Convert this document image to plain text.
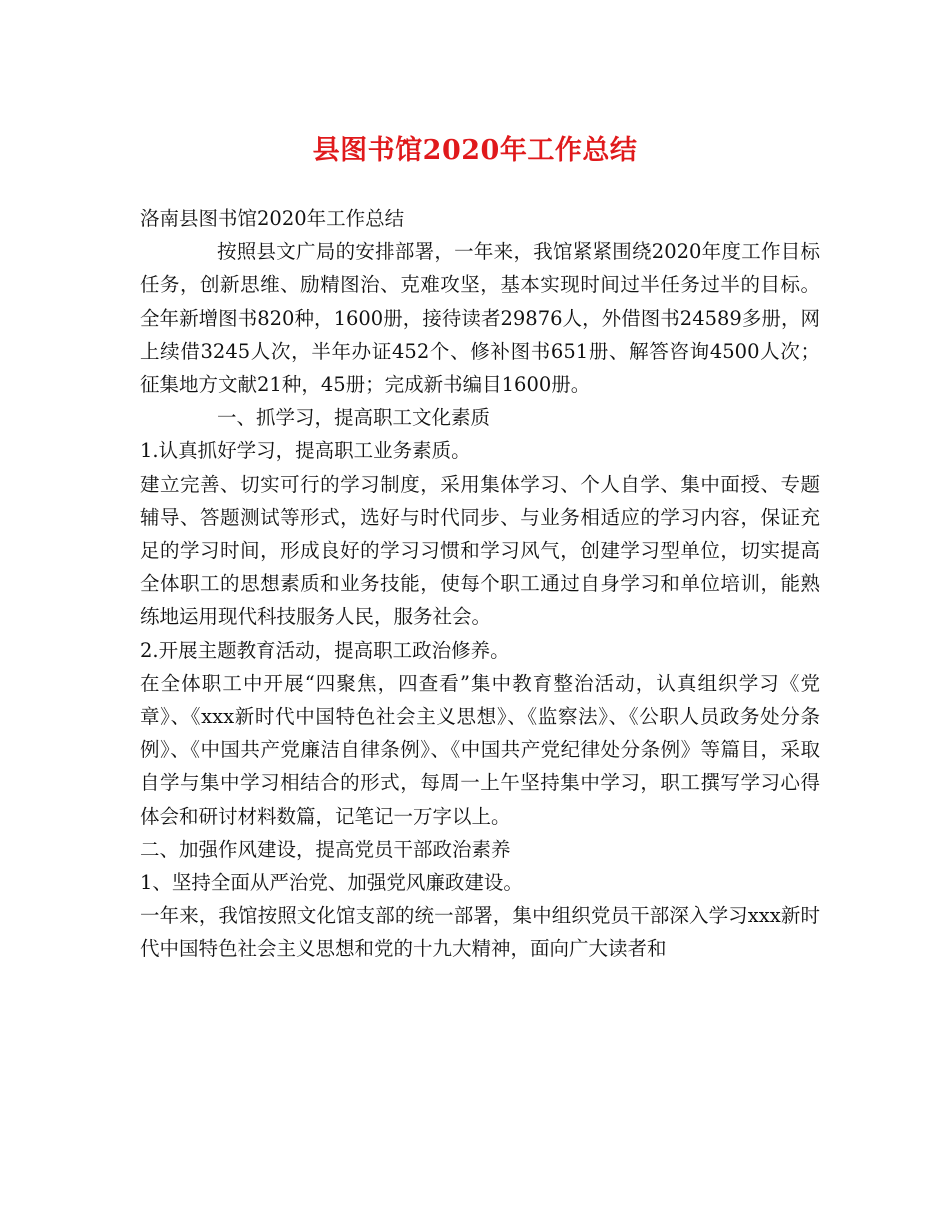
县图书馆2020年工作总结

洛南县图书馆2020年工作总结

按照县文广局的安排部署，一年来，我馆紧紧围绕2020年度工作目标任务，创新思维、励精图治、克难攻坚，基本实现时间过半任务过半的目标。全年新增图书820种，1600册，接待读者29876人，外借图书24589多册，网上续借3245人次，半年办证452个、修补图书651册、解答咨询4500人次；征集地方文献21种，45册；完成新书编目1600册。

一、抓学习，提高职工文化素质

1.认真抓好学习，提高职工业务素质。

建立完善、切实可行的学习制度，采用集体学习、个人自学、集中面授、专题辅导、答题测试等形式，选好与时代同步、与业务相适应的学习内容，保证充足的学习时间，形成良好的学习习惯和学习风气，创建学习型单位，切实提高全体职工的思想素质和业务技能，使每个职工通过自身学习和单位培训，能熟练地运用现代科技服务人民，服务社会。

2.开展主题教育活动，提高职工政治修养。

在全体职工中开展“四聚焦，四查看”集中教育整治活动，认真组织学习《党章》、《xxx新时代中国特色社会主义思想》、《监察法》、《公职人员政务处分条例》、《中国共产党廉洁自律条例》、《中国共产党纪律处分条例》等篇目，采取自学与集中学习相结合的形式，每周一上午坚持集中学习，职工撰写学习心得体会和研讨材料数篇，记笔记一万字以上。

二、加强作风建设，提高党员干部政治素养

1、坚持全面从严治党、加强党风廉政建设。

一年来，我馆按照文化馆支部的统一部署，集中组织党员干部深入学习xxx新时代中国特色社会主义思想和党的十九大精神，面向广大读者和
